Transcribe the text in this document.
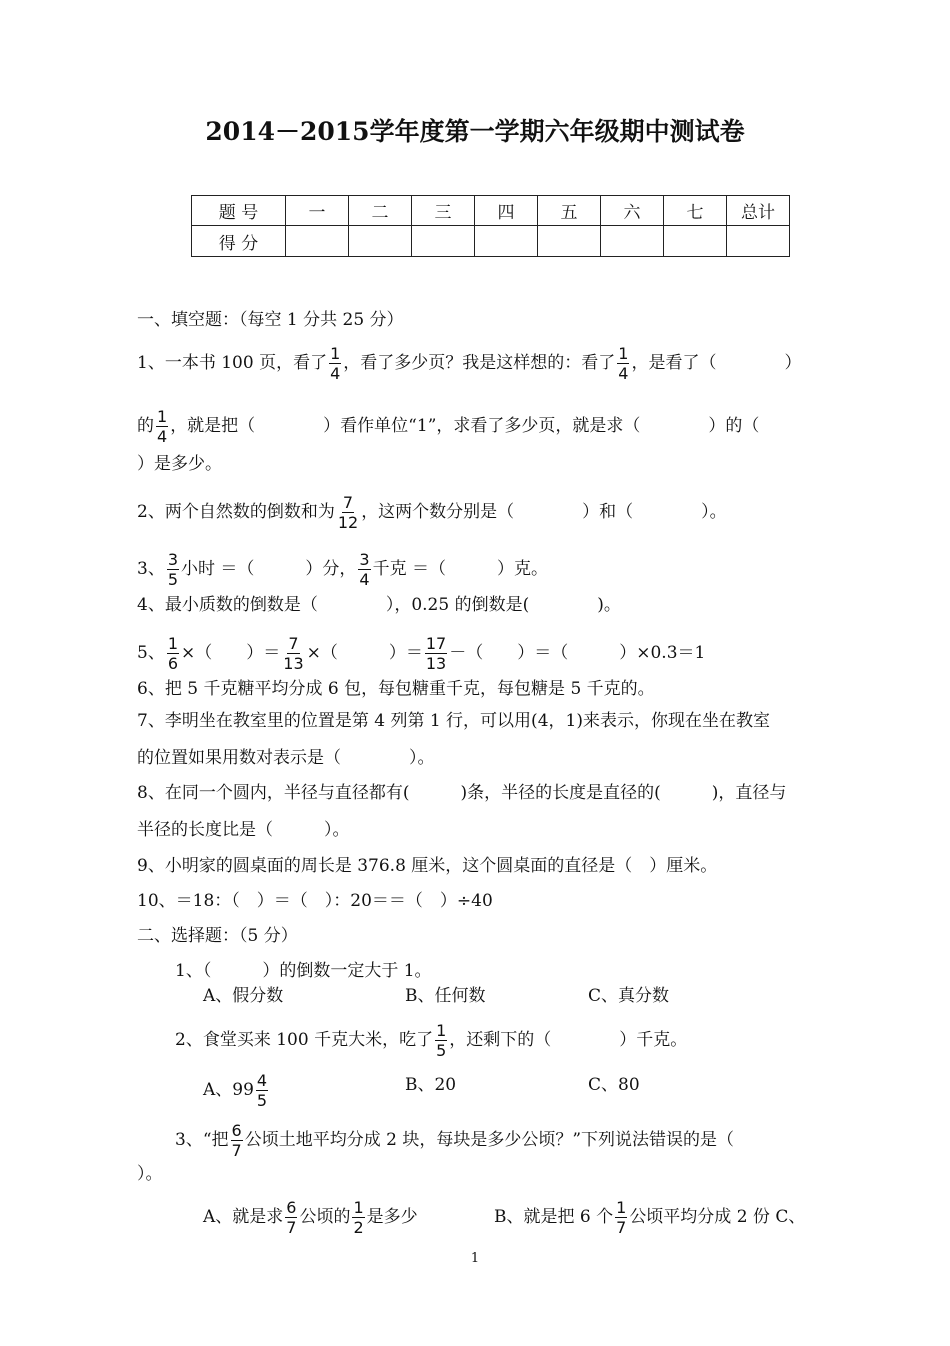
2014－2015学年度第一学期六年级期中测试卷
题 号	一	二	三	四	五	六	七	总计
得 分								
一、填空题：（每空 1 分共 25 分）
1、一本书 100 页，看了 $\frac{1}{4}$ ，看了多少页？我是这样想的：看了 $\frac{1}{4}$ ，是看了（　　　　）
的 $\frac{1}{4}$ ，就是把（　　　　）看作单位“1”，求看了多少页，就是求（　　　　）的（
）是多少。
2、两个自然数的倒数和为 $\frac{7}{12}$ ，这两个数分别是（　　　　）和（　　　　）。
3、 $\frac{3}{5}$ 小时 ＝（　　　）分， $\frac{3}{4}$ 千克 ＝（　　　）克。
4、最小质数的倒数是（　　　　），0.25 的倒数是(　　　　)。
5、 $\frac{1}{6}$ ×（　　）＝ $\frac{7}{13}$ ×（　　　）＝ $\frac{17}{13}$ －（　　）＝（　　　）×0.3＝1
6、把 5 千克糖平均分成 6 包，每包糖重千克，每包糖是 5 千克的。
7、李明坐在教室里的位置是第 4 列第 1 行，可以用(4，1)来表示，你现在坐在教室
的位置如果用数对表示是（　　　　）。
8、在同一个圆内，半径与直径都有(　　　)条，半径的长度是直径的(　　　)，直径与
半径的长度比是（　　　）。
9、小明家的圆桌面的周长是 376.8 厘米，这个圆桌面的直径是（　）厘米。
10、＝18：（　）＝（　）：20＝＝（　）÷40
二、选择题：（5 分）
1、（　　　）的倒数一定大于 1。
A、假分数	B、任何数	C、真分数
2、食堂买来 100 千克大米，吃了 $\frac{1}{5}$ ，还剩下的（　　　　）千克。
A、$99 \frac{4}{5}$	B、20	C、80
3、“把 $\frac{6}{7}$ 公顷土地平均分成 2 块，每块是多少公顷？”下列说法错误的是（
）。
A、就是求 $\frac{6}{7}$ 公顷的 $\frac{1}{2}$ 是多少	B、就是把 6 个 $\frac{1}{7}$ 公顷平均分成 2 份 C、
1
